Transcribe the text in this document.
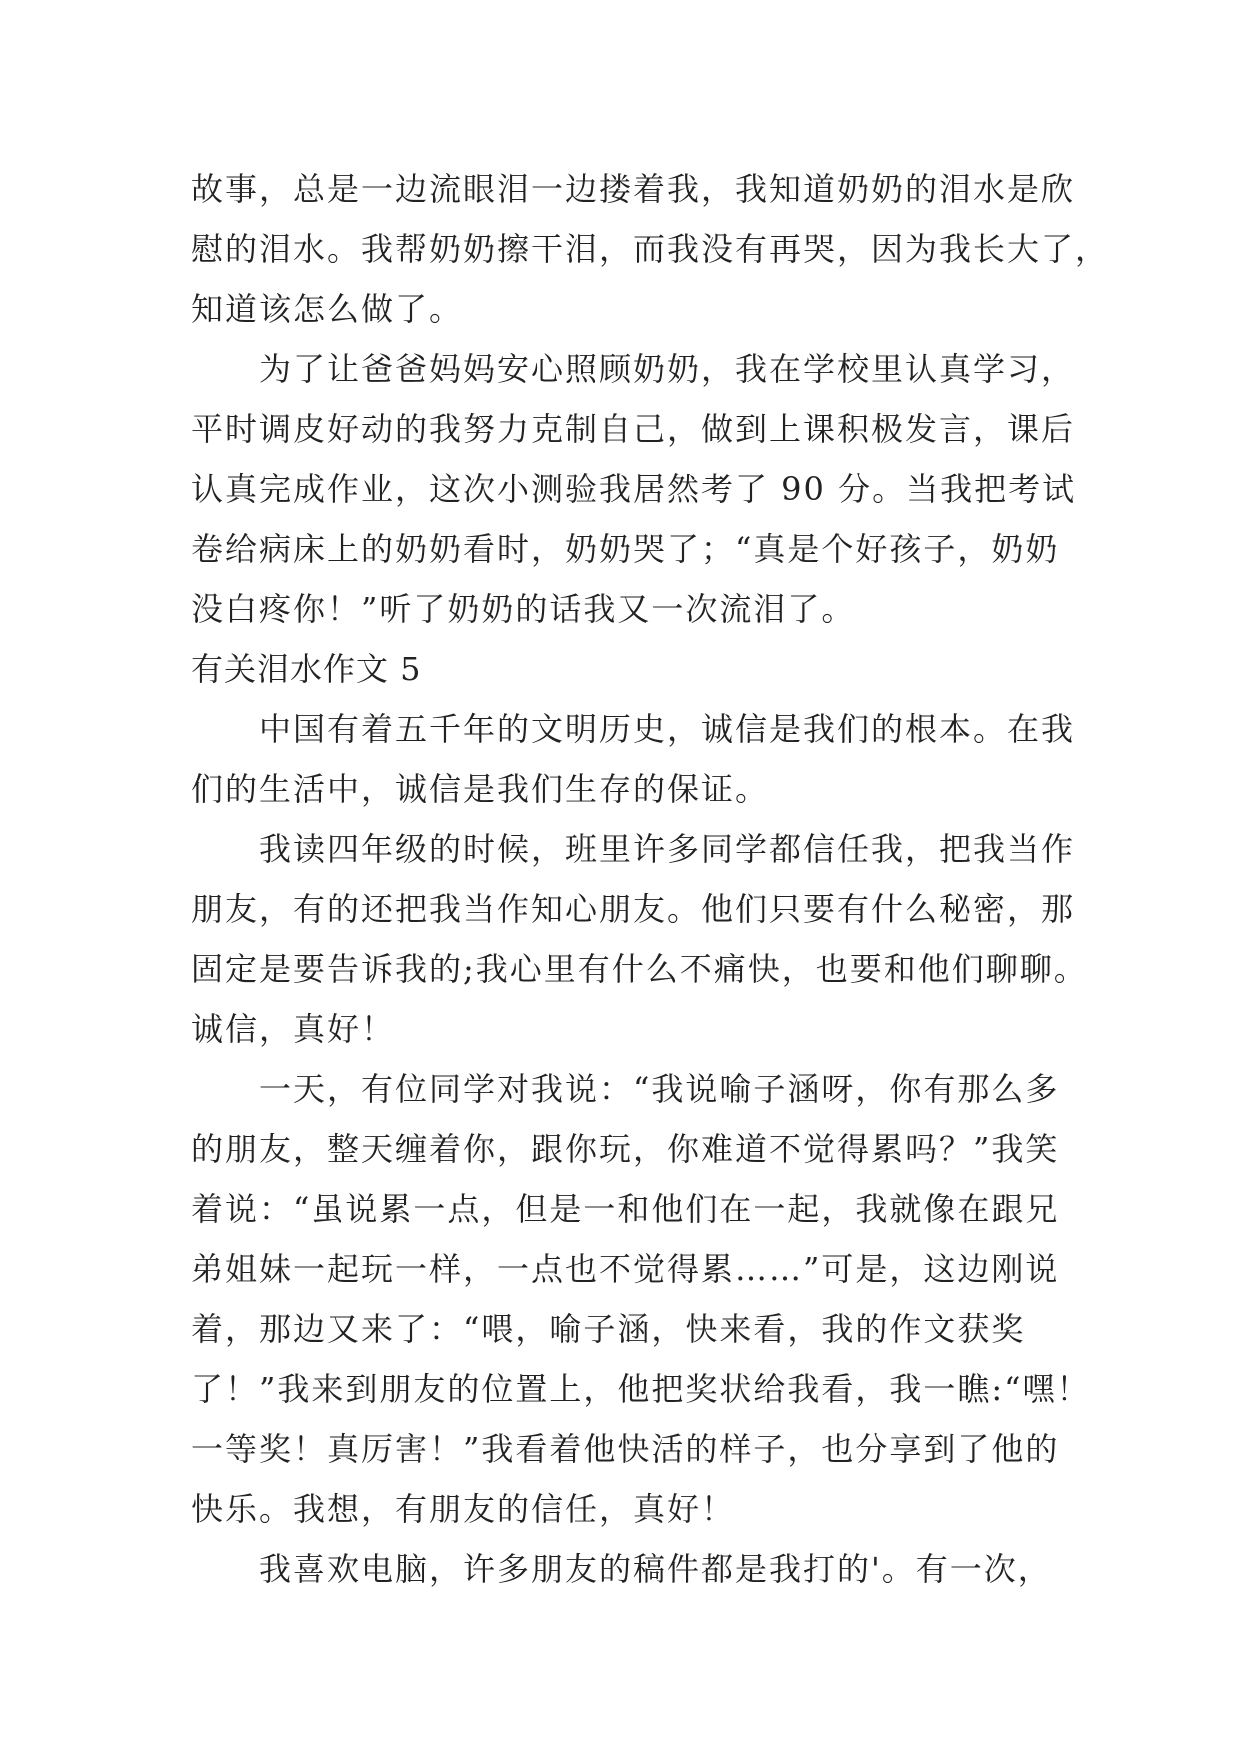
故事，总是一边流眼泪一边搂着我，我知道奶奶的泪水是欣
慰的泪水。我帮奶奶擦干泪，而我没有再哭，因为我长大了，
知道该怎么做了。
　　为了让爸爸妈妈安心照顾奶奶，我在学校里认真学习，
平时调皮好动的我努力克制自己，做到上课积极发言，课后
认真完成作业，这次小测验我居然考了 90 分。当我把考试
卷给病床上的奶奶看时，奶奶哭了；“真是个好孩子，奶奶
没白疼你！”听了奶奶的话我又一次流泪了。
有关泪水作文 5
　　中国有着五千年的文明历史，诚信是我们的根本。在我
们的生活中，诚信是我们生存的保证。
　　我读四年级的时候，班里许多同学都信任我，把我当作
朋友，有的还把我当作知心朋友。他们只要有什么秘密，那
固定是要告诉我的;我心里有什么不痛快，也要和他们聊聊。
诚信，真好！
　　一天，有位同学对我说：“我说喻子涵呀，你有那么多
的朋友，整天缠着你，跟你玩，你难道不觉得累吗？”我笑
着说：“虽说累一点，但是一和他们在一起，我就像在跟兄
弟姐妹一起玩一样，一点也不觉得累……”可是，这边刚说
着，那边又来了：“喂，喻子涵，快来看，我的作文获奖
了！”我来到朋友的位置上，他把奖状给我看，我一瞧:“嘿！
一等奖！真厉害！”我看着他快活的样子，也分享到了他的
快乐。我想，有朋友的信任，真好！
　　我喜欢电脑，许多朋友的稿件都是我打的'。有一次，
